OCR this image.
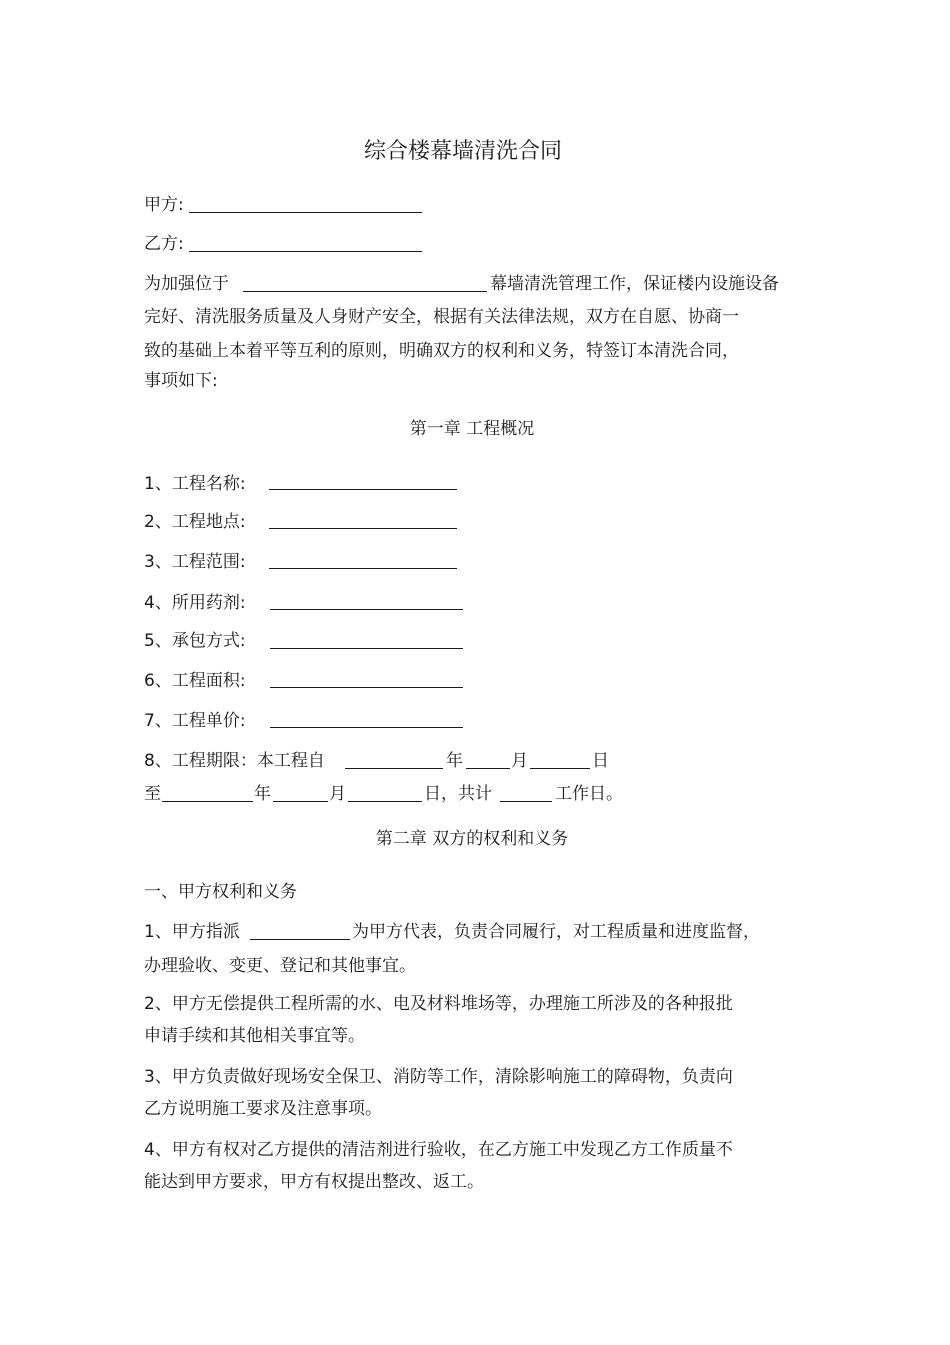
综合楼幕墙清洗合同
甲方:
乙方:
为加强位于	幕墙清洗管理工作，保证楼内设施设备
完好、清洗服务质量及人身财产安全，根据有关法律法规，双方在自愿、协商一
致的基础上本着平等互利的原则，明确双方的权利和义务，特签订本清洗合同，
事项如下:
第一章 工程概况
1、工程名称:
2、工程地点:
3、工程范围:
4、所用药剂:
5、承包方式:
6、工程面积:
7、工程单价:
8、工程期限：本工程自	年	月	日
至	年	月	日，共计	工作日。
第二章 双方的权利和义务
一、甲方权利和义务
1、甲方指派	为甲方代表，负责合同履行，对工程质量和进度监督，
办理验收、变更、登记和其他事宜。
2、甲方无偿提供工程所需的水、电及材料堆场等，办理施工所涉及的各种报批
申请手续和其他相关事宜等。
3、甲方负责做好现场安全保卫、消防等工作，清除影响施工的障碍物，负责向
乙方说明施工要求及注意事项。
4、甲方有权对乙方提供的清洁剂进行验收，在乙方施工中发现乙方工作质量不
能达到甲方要求，甲方有权提出整改、返工。
